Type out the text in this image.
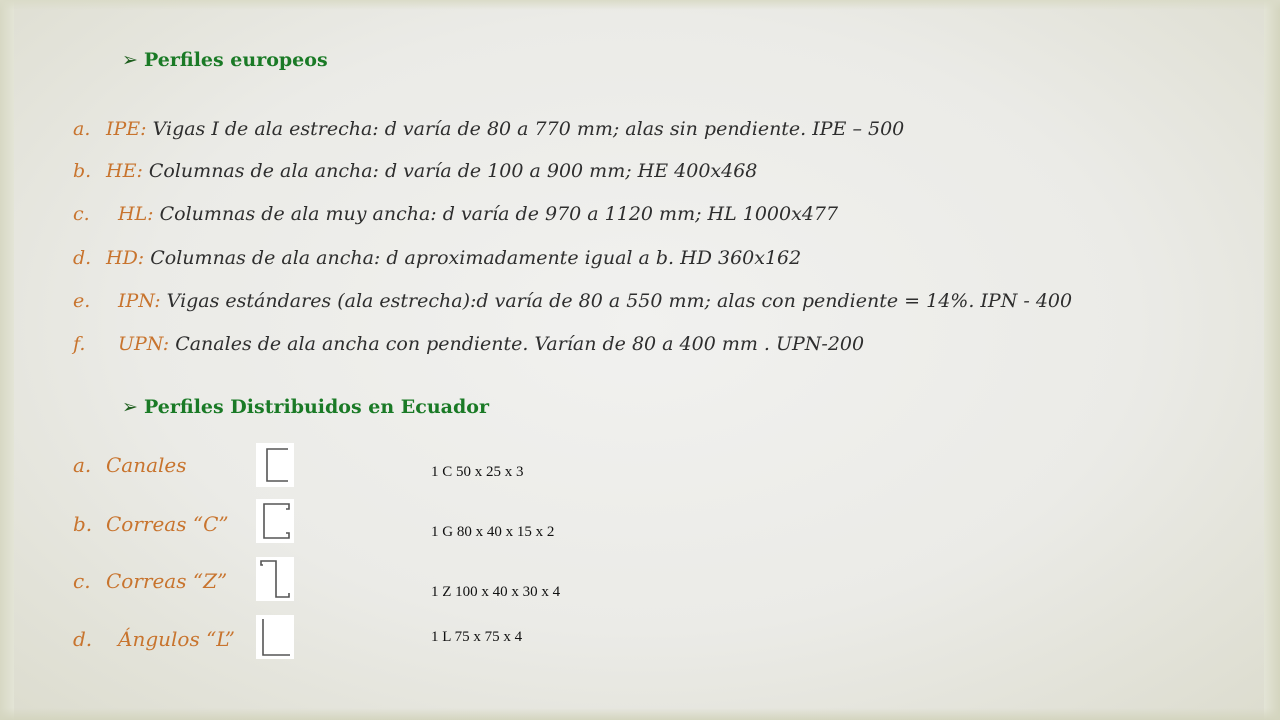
➢ Perfiles europeos
a. IPE: Vigas I de ala estrecha: d varía de 80 a 770 mm; alas sin pendiente. IPE – 500
b. HE: Columnas de ala ancha: d varía de 100 a 900 mm; HE 400x468
c. HL: Columnas de ala muy ancha: d varía de 970 a 1120 mm; HL 1000x477
d. HD: Columnas de ala ancha: d aproximadamente igual a b. HD 360x162
e. IPN: Vigas estándares (ala estrecha):d varía de 80 a 550 mm; alas con pendiente = 14%. IPN - 400
f. UPN: Canales de ala ancha con pendiente. Varían de 80 a 400 mm . UPN-200
➢ Perfiles Distribuidos en Ecuador
a. Canales
b. Correas “C”
c. Correas “Z”
d. Ángulos “L”
1 C 50 x 25 x 3
1 G 80 x 40 x 15 x 2
1 Z 100 x 40 x 30 x 4
1 L 75 x 75 x 4
